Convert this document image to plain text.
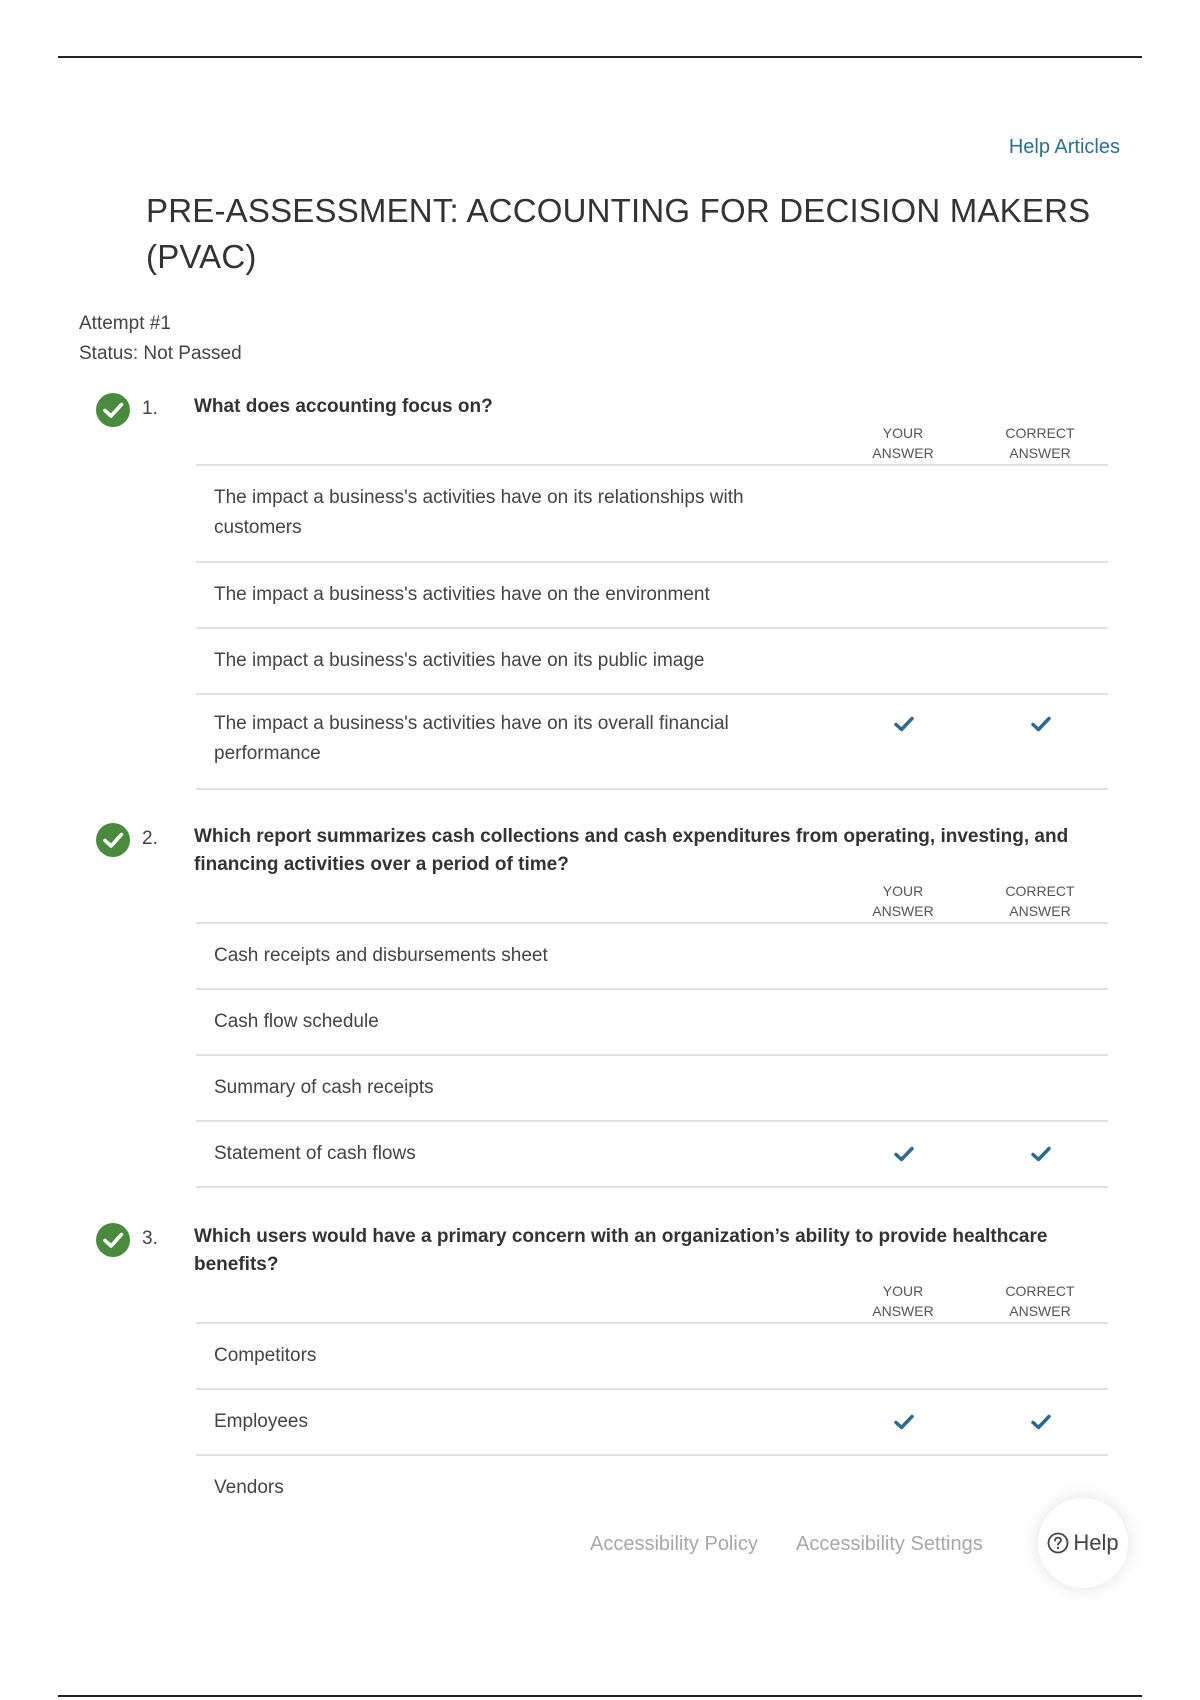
Help Articles
PRE-ASSESSMENT: ACCOUNTING FOR DECISION MAKERS (PVAC)
Attempt #1
Status: Not Passed
1. What does accounting focus on?

YOUR
ANSWER
CORRECT
ANSWER
The impact a business's activities have on its relationships with customers
The impact a business's activities have on the environment
The impact a business's activities have on its public image
The impact a business's activities have on its overall financial performance
2. Which report summarizes cash collections and cash expenditures from operating, investing, and financing activities over a period of time?

YOUR
ANSWER
CORRECT
ANSWER
Cash receipts and disbursements sheet
Cash flow schedule
Summary of cash receipts
Statement of cash flows
3. Which users would have a primary concern with an organization’s ability to provide healthcare benefits?

YOUR
ANSWER
CORRECT
ANSWER
Competitors
Employees
Vendors
Accessibility Policy Accessibility Settings	Help
